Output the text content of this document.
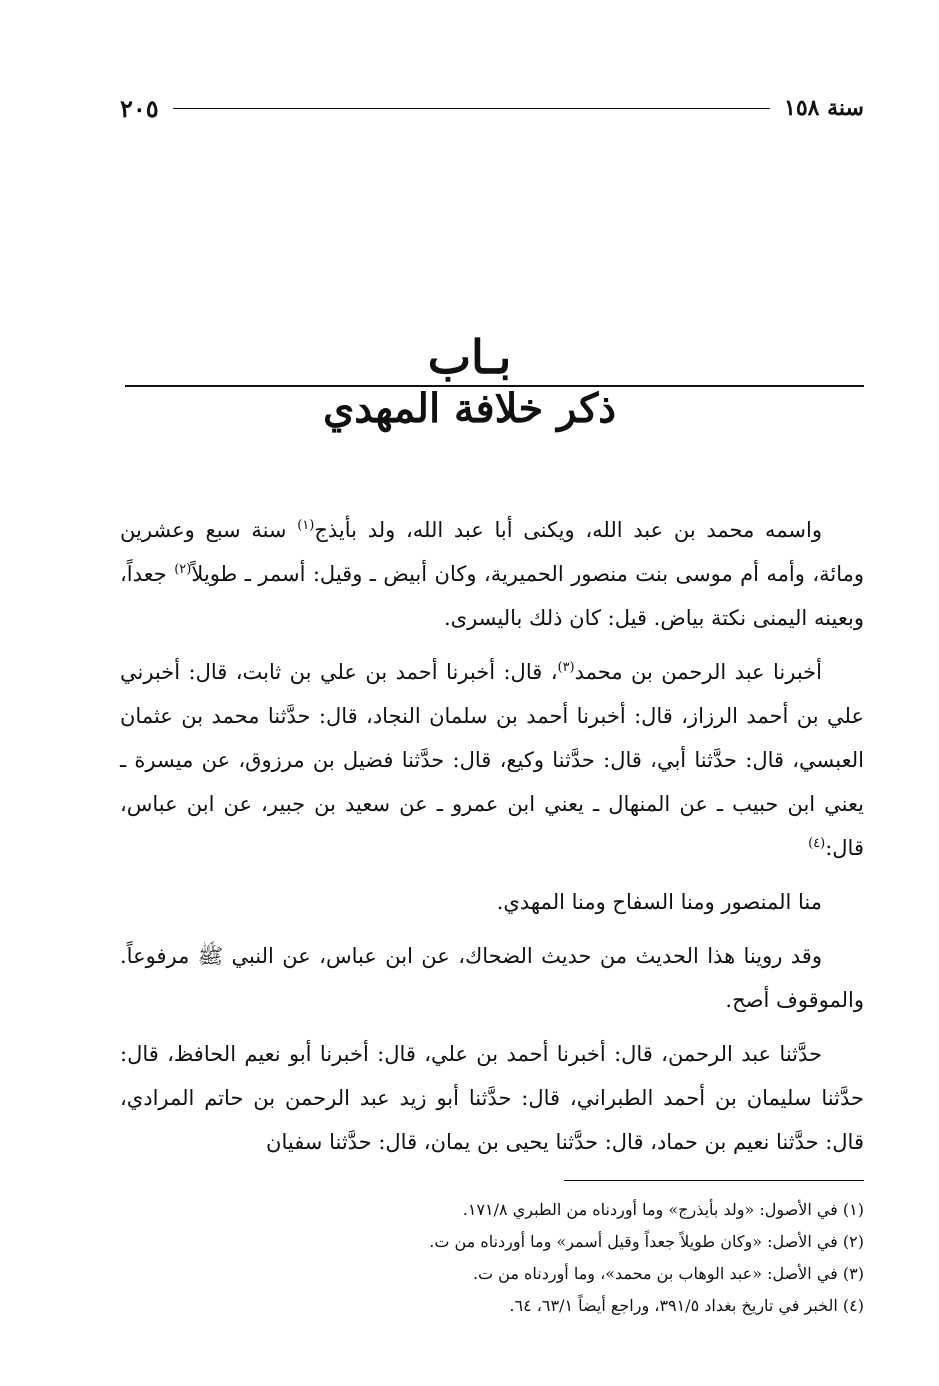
سنة ١٥٨
٢٠٥
بـاب
ذكر خلافة المهدي

واسمه محمد بن عبد الله، ويكنى أبا عبد الله، ولد بأيذج$^{(١)}$ سنة سبع وعشرين ومائة، وأمه أم موسى بنت منصور الحميرية، وكان أبيض ـ وقيل: أسمر ـ طويلاً$^{(٢)}$ جعداً، وبعينه اليمنى نكتة بياض. قيل: كان ذلك باليسرى.

أخبرنا عبد الرحمن بن محمد$^{(٣)}$، قال: أخبرنا أحمد بن علي بن ثابت، قال: أخبرني علي بن أحمد الرزاز، قال: أخبرنا أحمد بن سلمان النجاد، قال: حدَّثنا محمد بن عثمان العبسي، قال: حدَّثنا أبي، قال: حدَّثنا وكيع، قال: حدَّثنا فضيل بن مرزوق، عن ميسرة ـ يعني ابن حبيب ـ عن المنهال ـ يعني ابن عمرو ـ عن سعيد بن جبير، عن ابن عباس، قال:$^{(٤)}$

منا المنصور ومنا السفاح ومنا المهدي.

وقد روينا هذا الحديث من حديث الضحاك، عن ابن عباس، عن النبي ﷺ مرفوعاً. والموقوف أصح.

حدَّثنا عبد الرحمن، قال: أخبرنا أحمد بن علي، قال: أخبرنا أبو نعيم الحافظ، قال: حدَّثنا سليمان بن أحمد الطبراني، قال: حدَّثنا أبو زيد عبد الرحمن بن حاتم المرادي، قال: حدَّثنا نعيم بن حماد، قال: حدَّثنا يحيى بن يمان، قال: حدَّثنا سفيان

(١) في الأصول: «ولد بأيذرج» وما أوردناه من الطبري ١٧١/٨.
(٢) في الأصل: «وكان طويلاً جعداً وقيل أسمر» وما أوردناه من ت.
(٣) في الأصل: «عبد الوهاب بن محمد»، وما أوردناه من ت.
(٤) الخبر في تاريخ بغداد ٣٩١/٥، وراجع أيضاً ٦٣/١، ٦٤.
